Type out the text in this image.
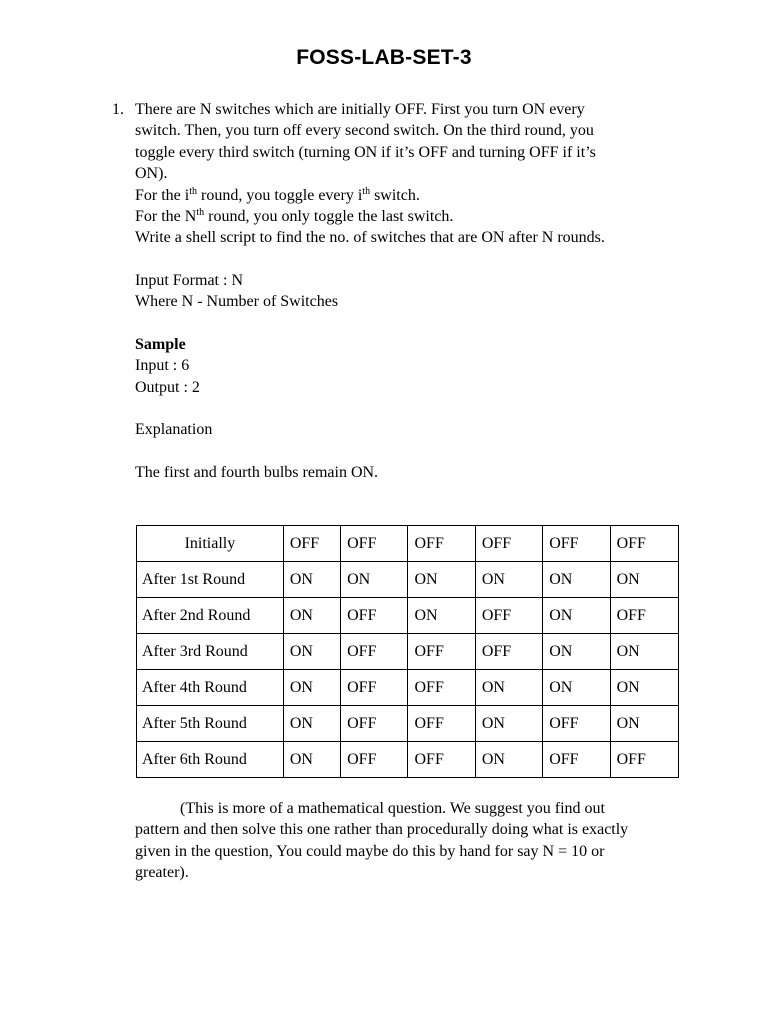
FOSS-LAB-SET-3
1. There are N switches which are initially OFF. First you turn ON every
switch. Then, you turn off every second switch. On the third round, you
toggle every third switch (turning ON if it’s OFF and turning OFF if it’s
ON).
For the $i^{th}$ round, you toggle every $i^{th}$ switch.
For the $N^{th}$ round, you only toggle the last switch.
Write a shell script to find the no. of switches that are ON after N rounds.
Input Format : N
Where N - Number of Switches
Sample
Input : 6
Output : 2
Explanation
The first and fourth bulbs remain ON.
Initially	OFF	OFF	OFF	OFF	OFF	OFF
After 1st Round	ON	ON	ON	ON	ON	ON
After 2nd Round	ON	OFF	ON	OFF	ON	OFF
After 3rd Round	ON	OFF	OFF	OFF	ON	ON
After 4th Round	ON	OFF	OFF	ON	ON	ON
After 5th Round	ON	OFF	OFF	ON	OFF	ON
After 6th Round	ON	OFF	OFF	ON	OFF	OFF
(This is more of a mathematical question. We suggest you find out
pattern and then solve this one rather than procedurally doing what is exactly
given in the question, You could maybe do this by hand for say N = 10 or
greater).
